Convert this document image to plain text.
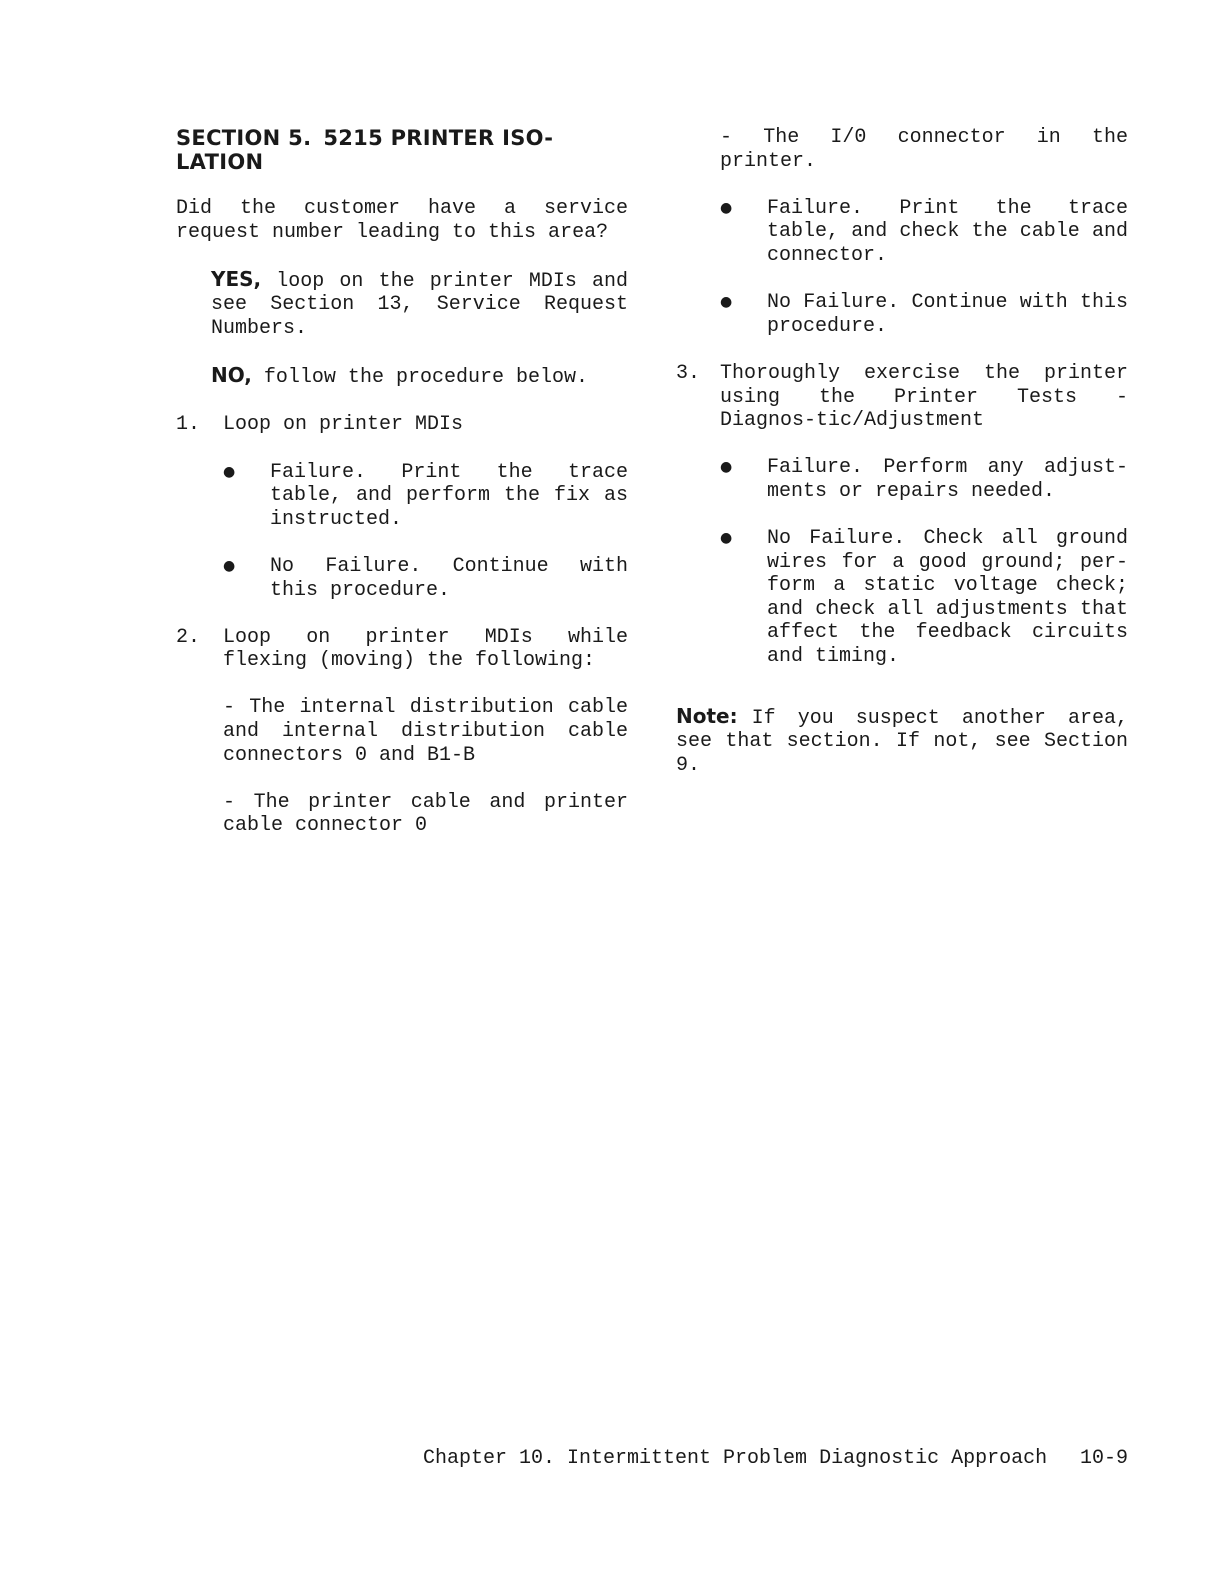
SECTION 5. 5215 PRINTER ISO-LATION

Did the customer have a service request number leading to this area?

YES, loop on the printer MDIs and see Section 13, Service Request Numbers.

NO, follow the procedure below.

1. Loop on printer MDIs

● Failure. Print the trace table, and perform the fix as instructed.

● No Failure. Continue with this procedure.

2. Loop on printer MDIs while flexing (moving) the following:

- The internal distribution cable and internal distribution cable connectors 0 and B1-B

- The printer cable and printer cable connector 0

- The I/0 connector in the printer.

● Failure. Print the trace table, and check the cable and connector.

● No Failure. Continue with this procedure.

3. Thoroughly exercise the printer using the Printer Tests - Diagnos-tic/Adjustment

● Failure. Perform any adjust-ments or repairs needed.

● No Failure. Check all ground wires for a good ground; per-form a static voltage check; and check all adjustments that affect the feedback circuits and timing.

Note: If you suspect another area, see that section. If not, see Section 9.

Chapter 10. Intermittent Problem Diagnostic Approach 10-9
